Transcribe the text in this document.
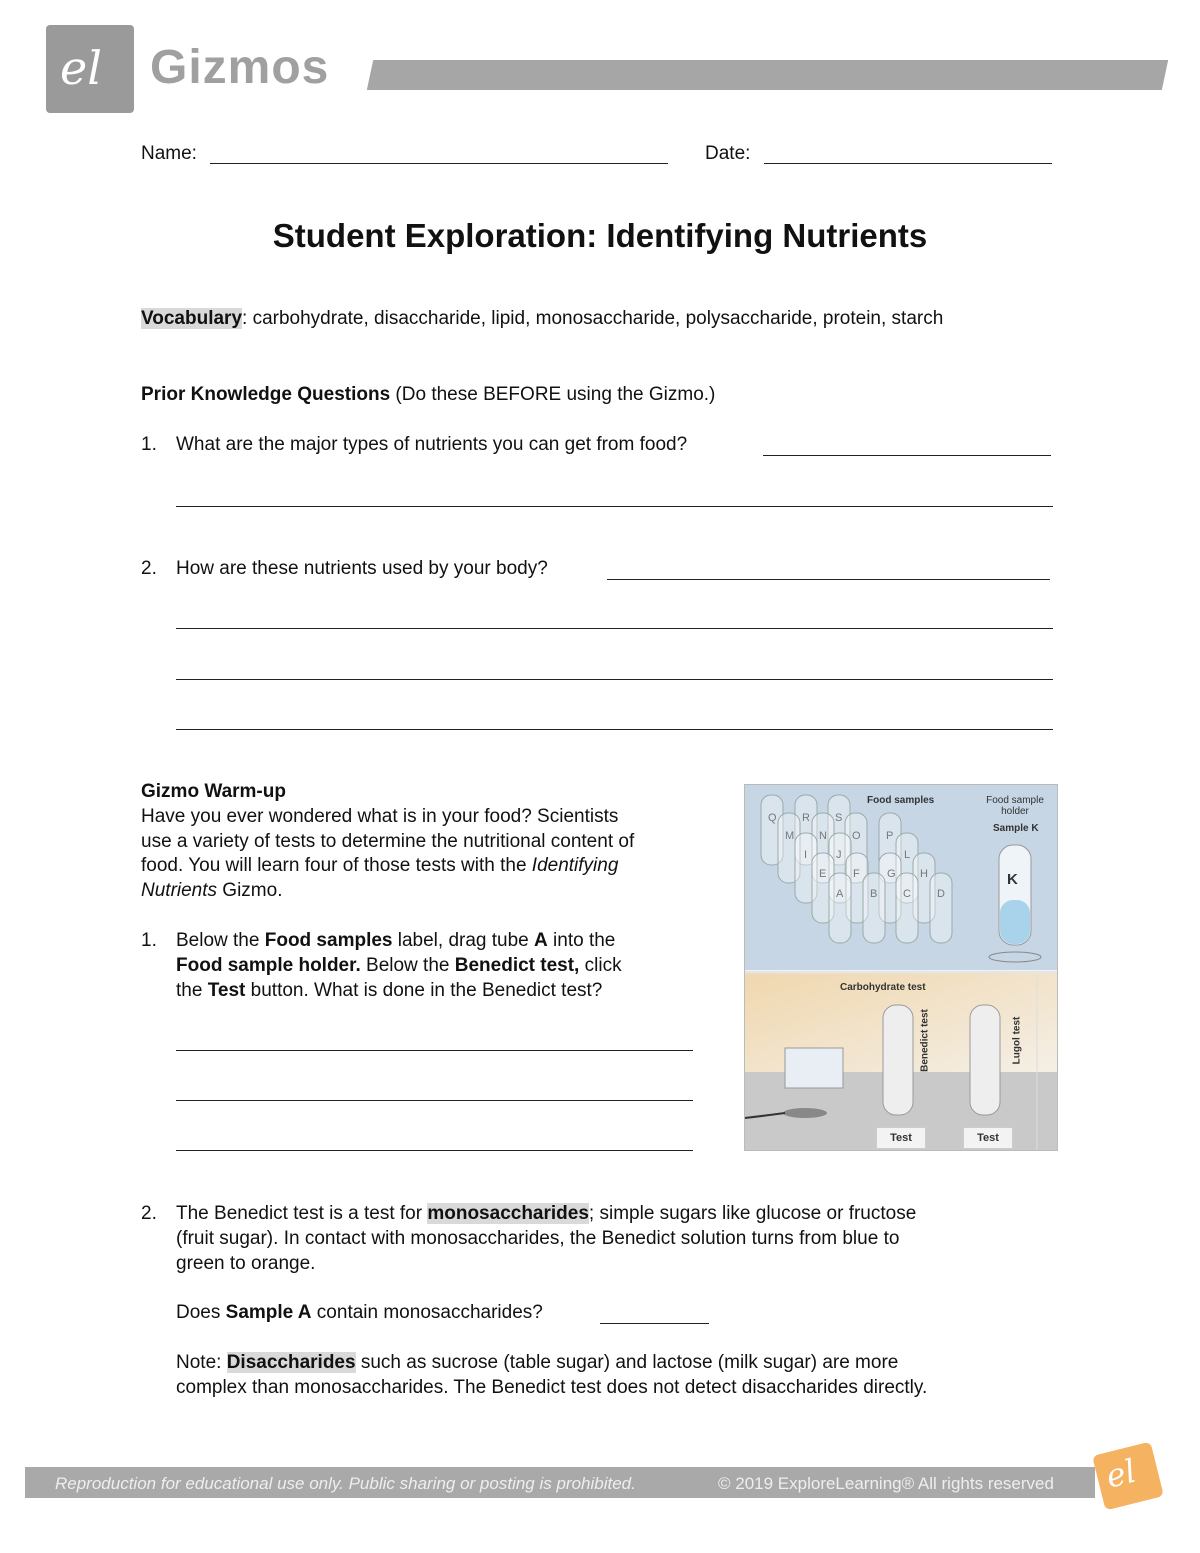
el Gizmos
Name:	Date:
Student Exploration: Identifying Nutrients
Vocabulary: carbohydrate, disaccharide, lipid, monosaccharide, polysaccharide, protein, starch
Prior Knowledge Questions (Do these BEFORE using the Gizmo.)
1. What are the major types of nutrients you can get from food?
2. How are these nutrients used by your body?
Gizmo Warm-up
Have you ever wondered what is in your food? Scientists
use a variety of tests to determine the nutritional content of
food. You will learn four of those tests with the Identifying
Nutrients Gizmo.
1. Below the Food samples label, drag tube A into the
Food sample holder. Below the Benedict test, click
the Test button. What is done in the Benedict test?
Food samples	Food sample
holder
Sample K
K
Q R S
M N O P
I	J	L
E F G H
A B C D
Carbohydrate test
Benedict test	Lugol test
Test	Test
2. The Benedict test is a test for monosaccharides; simple sugars like glucose or fructose
(fruit sugar). In contact with monosaccharides, the Benedict solution turns from blue to
green to orange.
Does Sample A contain monosaccharides?
Note: Disaccharides such as sucrose (table sugar) and lactose (milk sugar) are more
complex than monosaccharides. The Benedict test does not detect disaccharides directly.
Reproduction for educational use only. Public sharing or posting is prohibited.	© 2019 ExploreLearning® All rights reserved el
